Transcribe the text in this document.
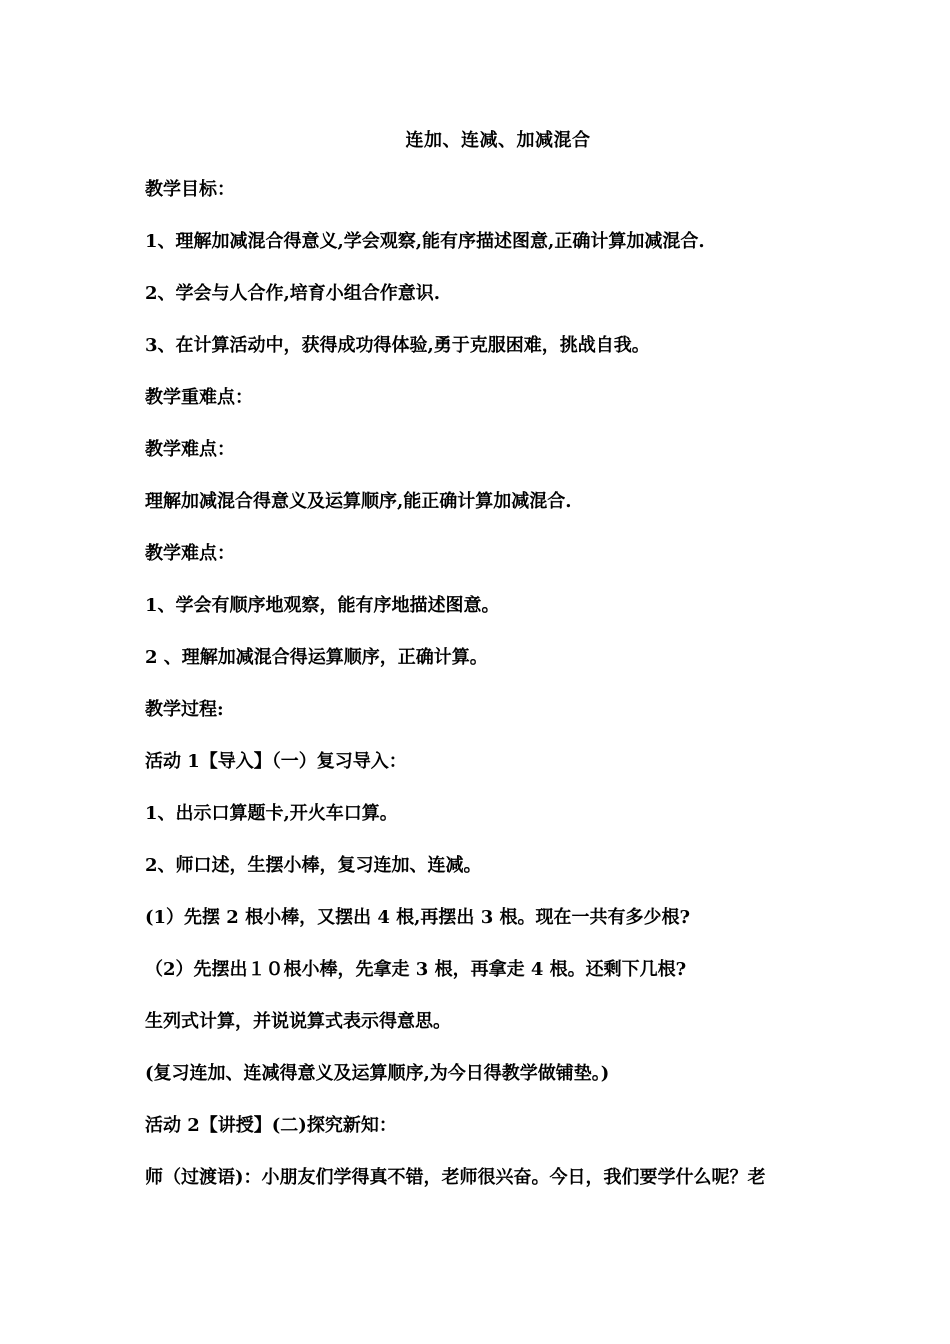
连加、连减、加减混合
教学目标：
1、理解加减混合得意义,学会观察,能有序描述图意,正确计算加减混合.
2、学会与人合作,培育小组合作意识.
3、在计算活动中，获得成功得体验,勇于克服困难，挑战自我。
教学重难点：
教学难点：
理解加减混合得意义及运算顺序,能正确计算加减混合.
教学难点：
1、学会有顺序地观察，能有序地描述图意。
2 、理解加减混合得运算顺序，正确计算。
教学过程:
活动 1【导入】（一）复习导入：
1、出示口算题卡,开火车口算。
2、师口述，生摆小棒，复习连加、连减。
(1）先摆 2 根小棒，又摆出 4 根,再摆出 3 根。现在一共有多少根?
（2）先摆出１０根小棒，先拿走 3 根，再拿走 4 根。还剩下几根?
生列式计算，并说说算式表示得意思。
(复习连加、连减得意义及运算顺序,为今日得教学做铺垫。)
活动 2【讲授】(二)探究新知：
师（过渡语)：小朋友们学得真不错，老师很兴奋。今日，我们要学什么呢？老
